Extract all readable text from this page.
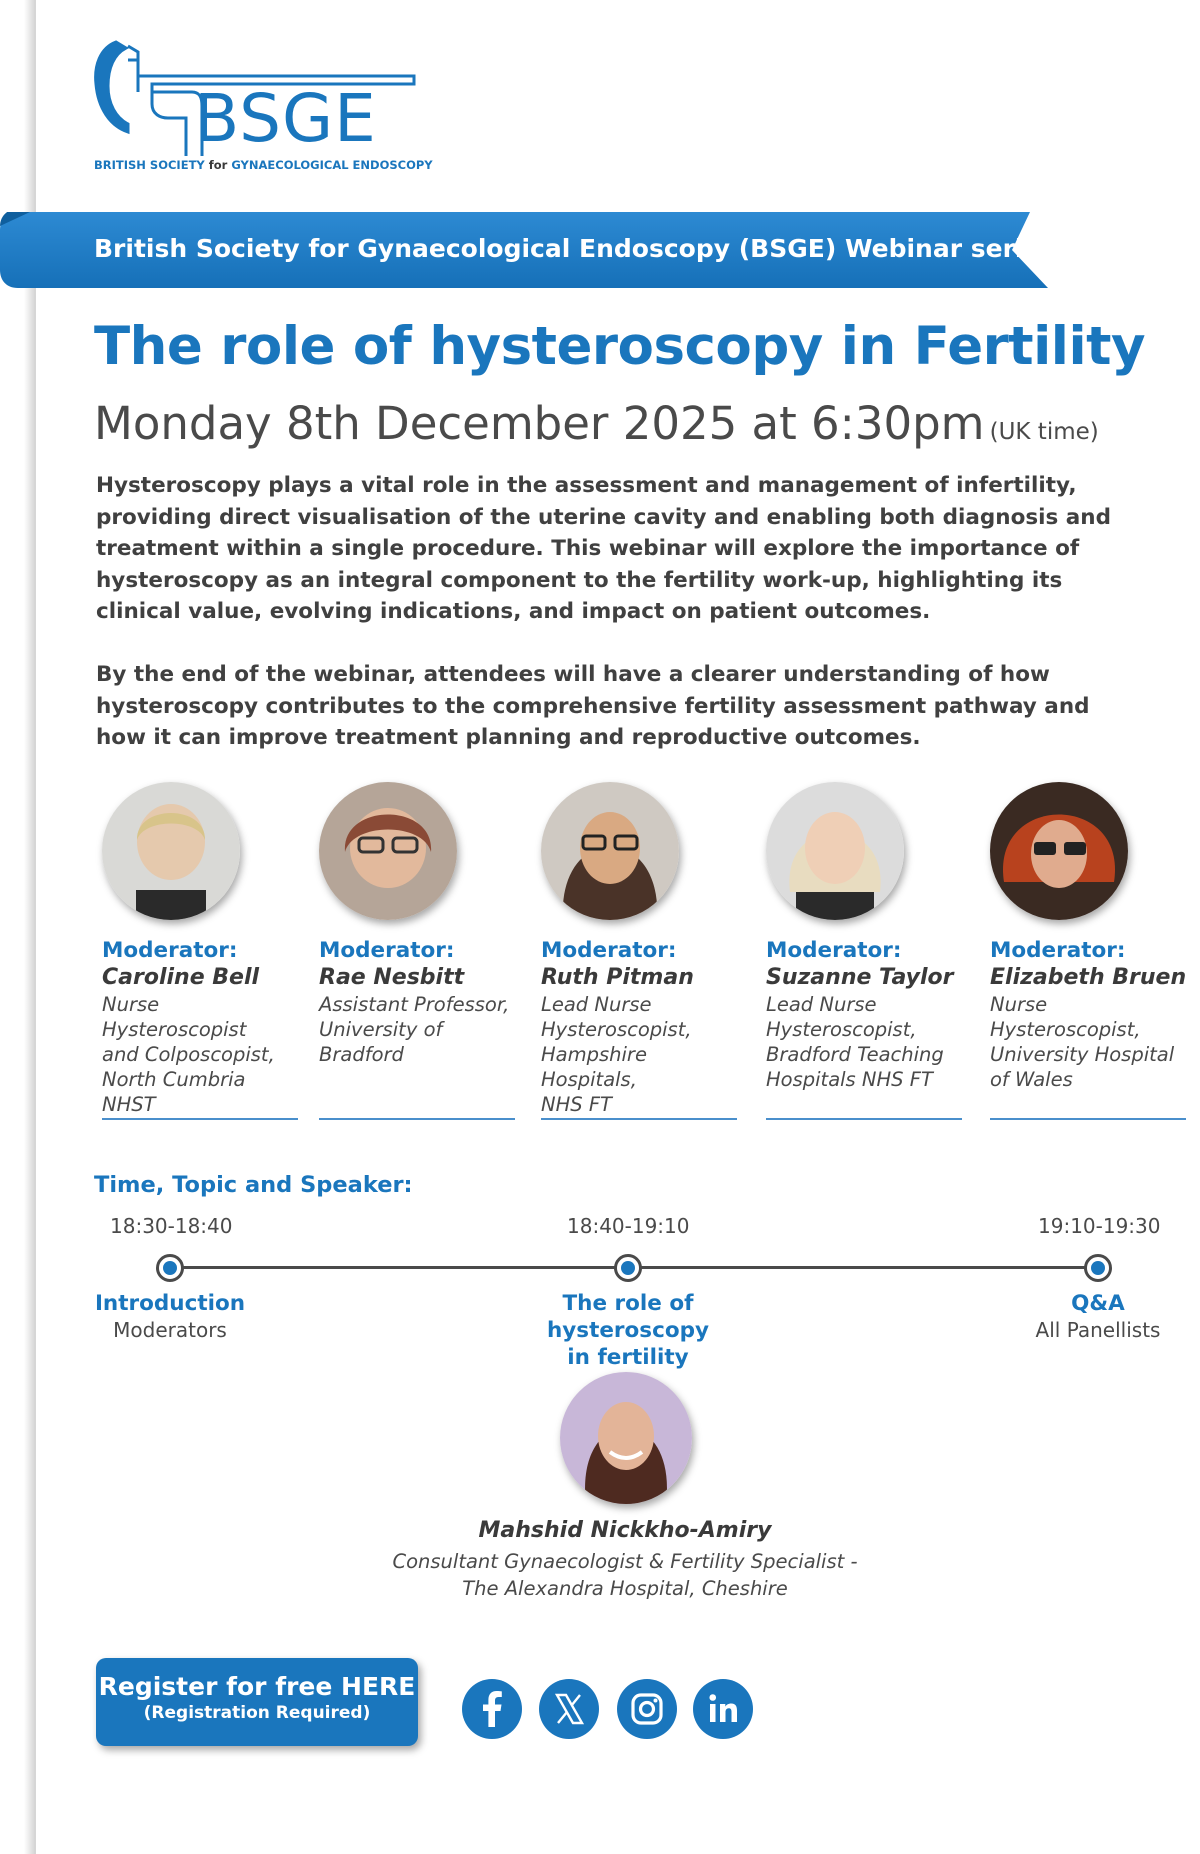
BSGE
BRITISH SOCIETY for GYNAECOLOGICAL ENDOSCOPY
British Society for Gynaecological Endoscopy (BSGE) Webinar series
The role of hysteroscopy in Fertility
Monday 8th December 2025 at 6:30pm (UK time)

Hysteroscopy plays a vital role in the assessment and management of infertility, providing direct visualisation of the uterine cavity and enabling both diagnosis and treatment within a single procedure. This webinar will explore the importance of hysteroscopy as an integral component to the fertility work-up, highlighting its clinical value, evolving indications, and impact on patient outcomes.

By the end of the webinar, attendees will have a clearer understanding of how hysteroscopy contributes to the comprehensive fertility assessment pathway and how it can improve treatment planning and reproductive outcomes.

Moderator:
Caroline Bell
Nurse Hysteroscopist
and Colposcopist,
North Cumbria NHST
Moderator:
Rae Nesbitt
Assistant Professor,
University of
Bradford
Moderator:
Ruth Pitman
Lead Nurse
Hysteroscopist,
Hampshire Hospitals,
NHS FT
Moderator:
Suzanne Taylor
Lead Nurse
Hysteroscopist,
Bradford Teaching
Hospitals NHS FT
Moderator:
Elizabeth Bruen
Nurse Hysteroscopist,
University Hospital
of Wales
Time, Topic and Speaker:
18:30-18:40	18:40-19:10	19:10-19:30
Introduction
Moderators
The role of hysteroscopy
in fertility
Q&A
All Panellists
Mahshid Nickkho-Amiry
Consultant Gynaecologist & Fertility Specialist -
The Alexandra Hospital, Cheshire
Register for free HERE
(Registration Required)
